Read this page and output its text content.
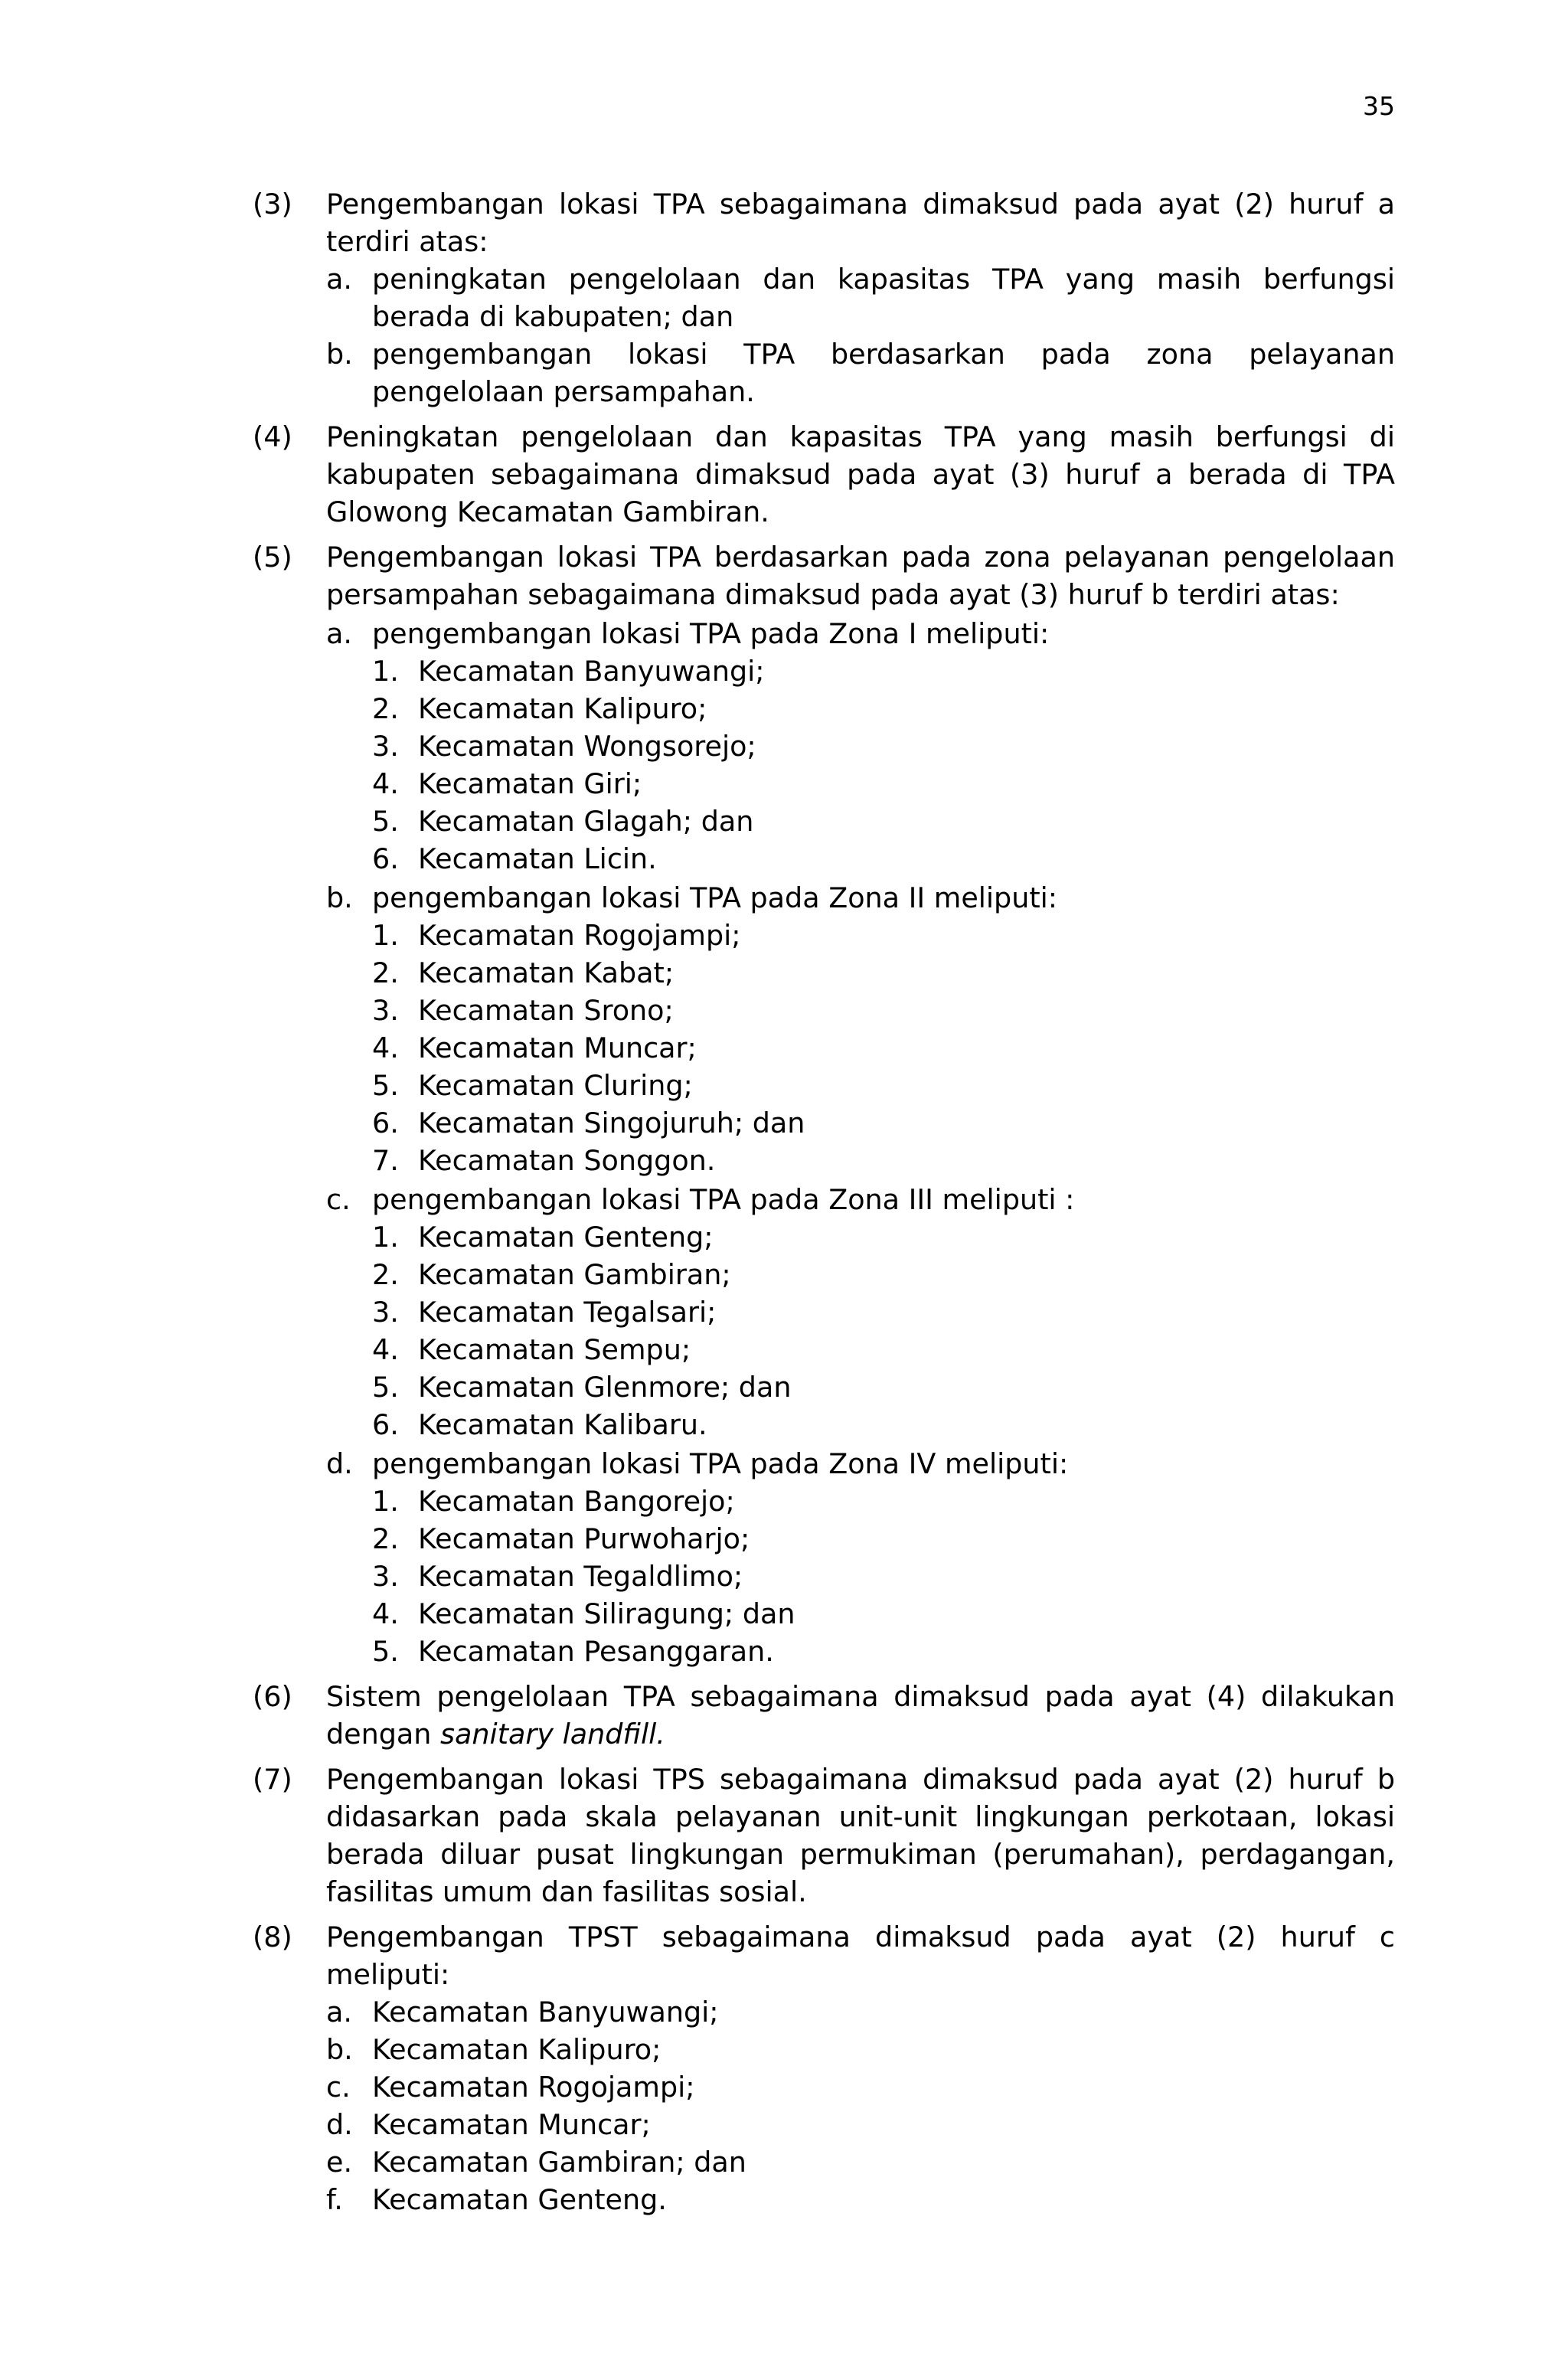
35
(3)	Pengembangan lokasi TPA sebagaimana dimaksud pada ayat (2) huruf a terdiri atas:

a. peningkatan pengelolaan dan kapasitas TPA yang masih berfungsi berada di kabupaten; dan
b. pengembangan lokasi TPA berdasarkan pada zona pelayanan pengelolaan persampahan.
(4)	Peningkatan pengelolaan dan kapasitas TPA yang masih berfungsi di kabupaten sebagaimana dimaksud pada ayat (3) huruf a berada di TPA Glowong Kecamatan Gambiran.

(5)	Pengembangan lokasi TPA berdasarkan pada zona pelayanan pengelolaan persampahan sebagaimana dimaksud pada ayat (3) huruf b terdiri atas:

a. pengembangan lokasi TPA pada Zona I meliputi:

1. Kecamatan Banyuwangi;
2. Kecamatan Kalipuro;
3. Kecamatan Wongsorejo;
4. Kecamatan Giri;
5. Kecamatan Glagah; dan
6. Kecamatan Licin.
b. pengembangan lokasi TPA pada Zona II meliputi:

1. Kecamatan Rogojampi;
2. Kecamatan Kabat;
3. Kecamatan Srono;
4. Kecamatan Muncar;
5. Kecamatan Cluring;
6. Kecamatan Singojuruh; dan
7. Kecamatan Songgon.
c. pengembangan lokasi TPA pada Zona III meliputi :

1. Kecamatan Genteng;
2. Kecamatan Gambiran;
3. Kecamatan Tegalsari;
4. Kecamatan Sempu;
5. Kecamatan Glenmore; dan
6. Kecamatan Kalibaru.
d. pengembangan lokasi TPA pada Zona IV meliputi:

1. Kecamatan Bangorejo;
2. Kecamatan Purwoharjo;
3. Kecamatan Tegaldlimo;
4. Kecamatan Siliragung; dan
5. Kecamatan Pesanggaran.
(6)	Sistem pengelolaan TPA sebagaimana dimaksud pada ayat (4) dilakukan dengan sanitary landfill.

(7)	Pengembangan lokasi TPS sebagaimana dimaksud pada ayat (2) huruf b didasarkan pada skala pelayanan unit-unit lingkungan perkotaan, lokasi berada diluar pusat lingkungan permukiman (perumahan), perdagangan, fasilitas umum dan fasilitas sosial.

(8)	Pengembangan TPST sebagaimana dimaksud pada ayat (2) huruf c meliputi:

a. Kecamatan Banyuwangi;
b. Kecamatan Kalipuro;
c. Kecamatan Rogojampi;
d. Kecamatan Muncar;
e. Kecamatan Gambiran; dan
f.	Kecamatan Genteng.
